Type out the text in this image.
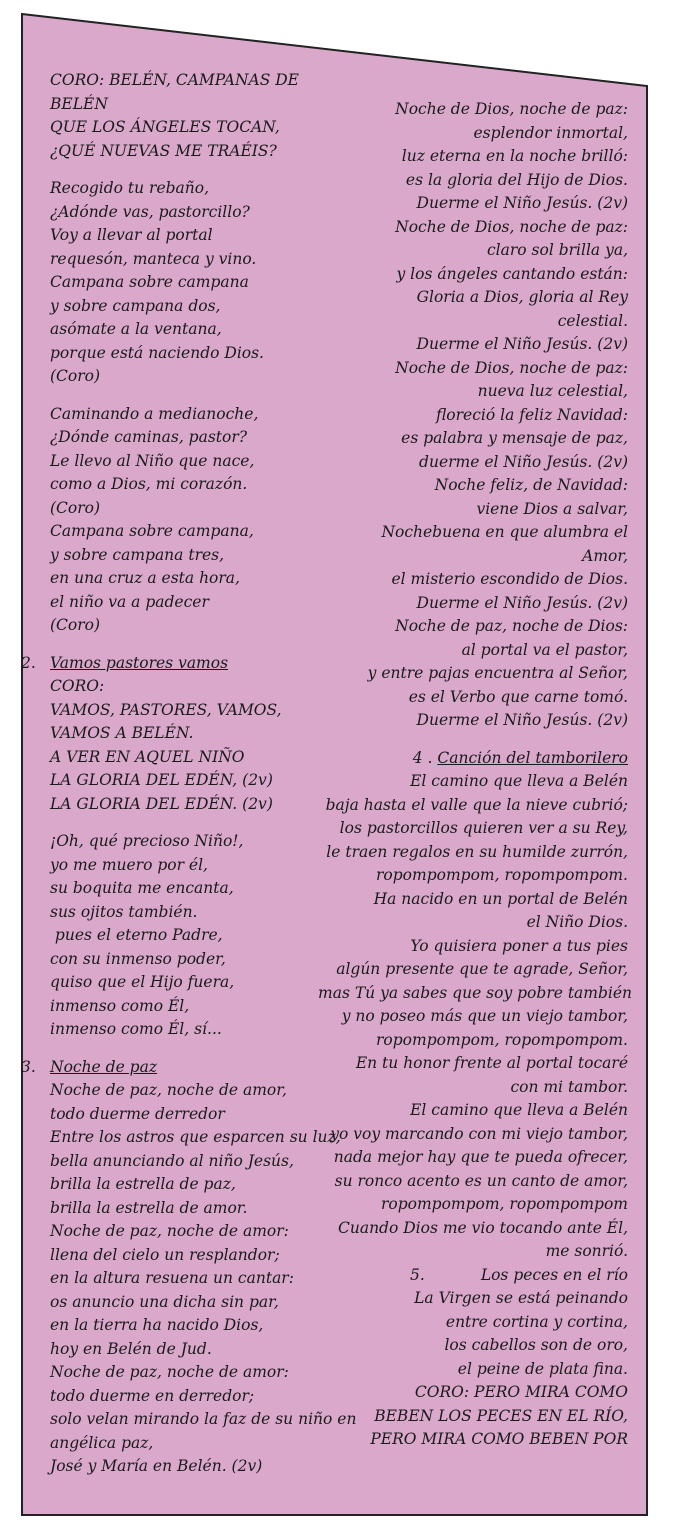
CORO: BELÉN, CAMPANAS DE
BELÉN
QUE LOS ÁNGELES TOCAN,
¿QUÉ NUEVAS ME TRAÉIS?
Recogido tu rebaño,
¿Adónde vas, pastorcillo?
Voy a llevar al portal
requesón, manteca y vino.
Campana sobre campana
y sobre campana dos,
asómate a la ventana,
porque está naciendo Dios.
(Coro)
Caminando a medianoche,
¿Dónde caminas, pastor?
Le llevo al Niño que nace,
como a Dios, mi corazón.
(Coro)
Campana sobre campana,
y sobre campana tres,
en una cruz a esta hora,
el niño va a padecer
(Coro)
2. Vamos pastores vamos
CORO:
VAMOS, PASTORES, VAMOS,
VAMOS A BELÉN.
A VER EN AQUEL NIÑO
LA GLORIA DEL EDÉN, (2v)
LA GLORIA DEL EDÉN. (2v)
¡Oh, qué precioso Niño!,
yo me muero por él,
su boquita me encanta,
sus ojitos también.
pues el eterno Padre,
con su inmenso poder,
quiso que el Hijo fuera,
inmenso como Él,
inmenso como Él, sí...
3. Noche de paz
Noche de paz, noche de amor,
todo duerme derredor
Entre los astros que esparcen su luz,
bella anunciando al niño Jesús,
brilla la estrella de paz,
brilla la estrella de amor.
Noche de paz, noche de amor:
llena del cielo un resplandor;
en la altura resuena un cantar:
os anuncio una dicha sin par,
en la tierra ha nacido Dios,
hoy en Belén de Jud.
Noche de paz, noche de amor:
todo duerme en derredor;
solo velan mirando la faz de su niño en
angélica paz,
José y María en Belén. (2v)
Noche de Dios, noche de paz:
esplendor inmortal,
luz eterna en la noche brilló:
es la gloria del Hijo de Dios.
Duerme el Niño Jesús. (2v)
Noche de Dios, noche de paz:
claro sol brilla ya,
y los ángeles cantando están:
Gloria a Dios, gloria al Rey
celestial.
Duerme el Niño Jesús. (2v)
Noche de Dios, noche de paz:
nueva luz celestial,
floreció la feliz Navidad:
es palabra y mensaje de paz,
duerme el Niño Jesús. (2v)
Noche feliz, de Navidad:
viene Dios a salvar,
Nochebuena en que alumbra el
Amor,
el misterio escondido de Dios.
Duerme el Niño Jesús. (2v)
Noche de paz, noche de Dios:
al portal va el pastor,
y entre pajas encuentra al Señor,
es el Verbo que carne tomó.
Duerme el Niño Jesús. (2v)
4 . Canción del tamborilero
El camino que lleva a Belén
baja hasta el valle que la nieve cubrió;
los pastorcillos quieren ver a su Rey,
le traen regalos en su humilde zurrón,
ropompompom, ropompompom.
Ha nacido en un portal de Belén
el Niño Dios.
Yo quisiera poner a tus pies
algún presente que te agrade, Señor,
mas Tú ya sabes que soy pobre también
y no poseo más que un viejo tambor,
ropompompom, ropompompom.
En tu honor frente al portal tocaré
con mi tambor.
El camino que lleva a Belén
yo voy marcando con mi viejo tambor,
nada mejor hay que te pueda ofrecer,
su ronco acento es un canto de amor,
ropompompom, ropompompom
Cuando Dios me vio tocando ante Él,
me sonrió.
5.	Los peces en el río
La Virgen se está peinando
entre cortina y cortina,
los cabellos son de oro,
el peine de plata fina.
CORO: PERO MIRA COMO
BEBEN LOS PECES EN EL RÍO,
PERO MIRA COMO BEBEN POR
